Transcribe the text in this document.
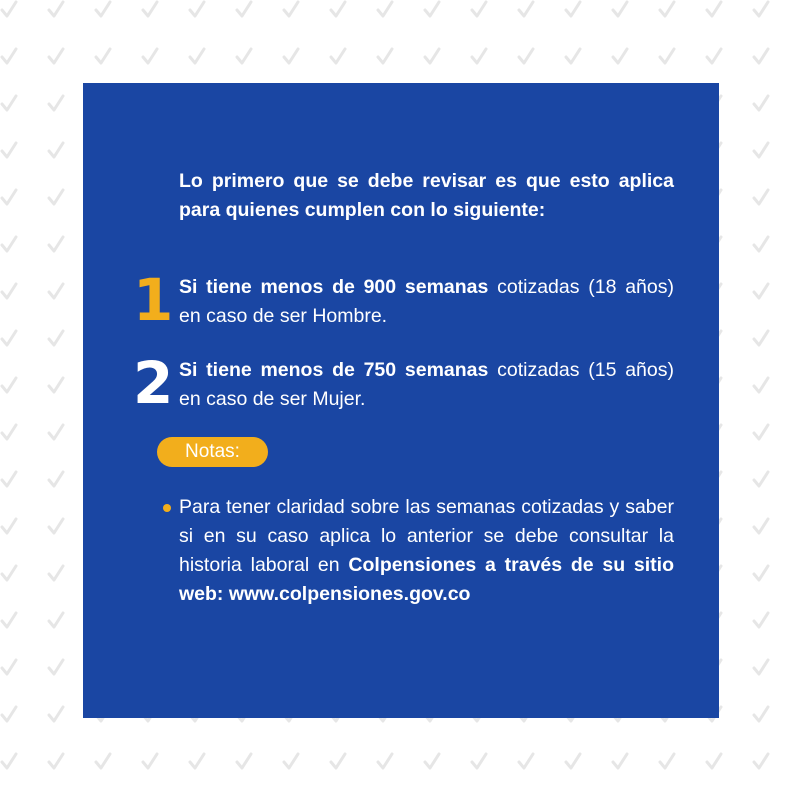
Lo primero que se debe revisar es que esto aplica para quienes cumplen con lo siguiente:

1 Si tiene menos de 900 semanas cotizadas (18 años) en caso de ser Hombre.

2 Si tiene menos de 750 semanas cotizadas (15 años) en caso de ser Mujer.

Notas:

Para tener claridad sobre las semanas cotizadas y saber si en su caso aplica lo anterior se debe consultar la historia laboral en Colpensiones a través de su sitio web: www.colpensiones.gov.co
